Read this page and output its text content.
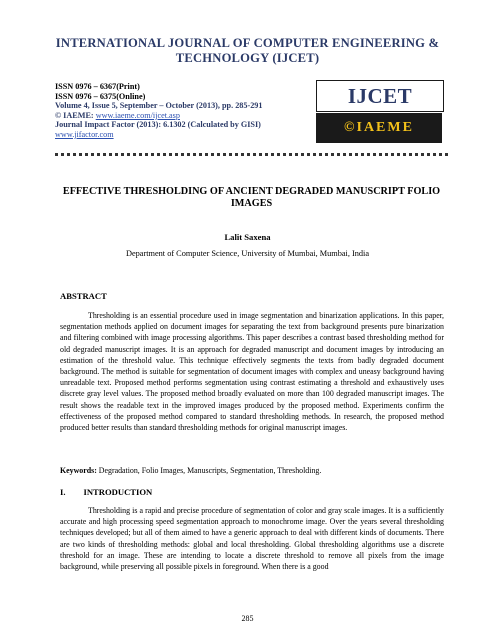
INTERNATIONAL JOURNAL OF COMPUTER ENGINEERING & TECHNOLOGY (IJCET)
ISSN 0976 – 6367(Print)
ISSN 0976 – 6375(Online)
Volume 4, Issue 5, September – October (2013), pp. 285-291
© IAEME: www.iaeme.com/ijcet.asp
Journal Impact Factor (2013): 6.1302 (Calculated by GISI)
www.jifactor.com
IJCET
©IAEME
EFFECTIVE THRESHOLDING OF ANCIENT DEGRADED MANUSCRIPT FOLIO IMAGES
Lalit Saxena
Department of Computer Science, University of Mumbai, Mumbai, India
ABSTRACT
Thresholding is an essential procedure used in image segmentation and binarization applications. In this paper, segmentation methods applied on document images for separating the text from background presents pure binarization and filtering combined with image processing algorithms. This paper describes a contrast based thresholding method for old degraded manuscript images. It is an approach for degraded manuscript and document images by introducing an estimation of the threshold value. This technique effectively segments the texts from badly degraded document background. The method is suitable for segmentation of document images with complex and uneasy background having unreadable text. Proposed method performs segmentation using contrast estimating a threshold and exhaustively uses discrete gray level values. The proposed method broadly evaluated on more than 100 degraded manuscript images. The result shows the readable text in the improved images produced by the proposed method. Experiments confirm the effectiveness of the proposed method compared to standard thresholding methods. In research, the proposed method produced better results than standard thresholding methods for original manuscript images.
Keywords: Degradation, Folio Images, Manuscripts, Segmentation, Thresholding.
I. INTRODUCTION
Thresholding is a rapid and precise procedure of segmentation of color and gray scale images. It is a sufficiently accurate and high processing speed segmentation approach to monochrome image. Over the years several thresholding techniques developed; but all of them aimed to have a generic approach to deal with different kinds of documents. There are two kinds of thresholding methods: global and local thresholding. Global thresholding algorithms use a discrete threshold for an image. These are intending to locate a discrete threshold to remove all pixels from the image background, while preserving all possible pixels in foreground. When there is a good
285
